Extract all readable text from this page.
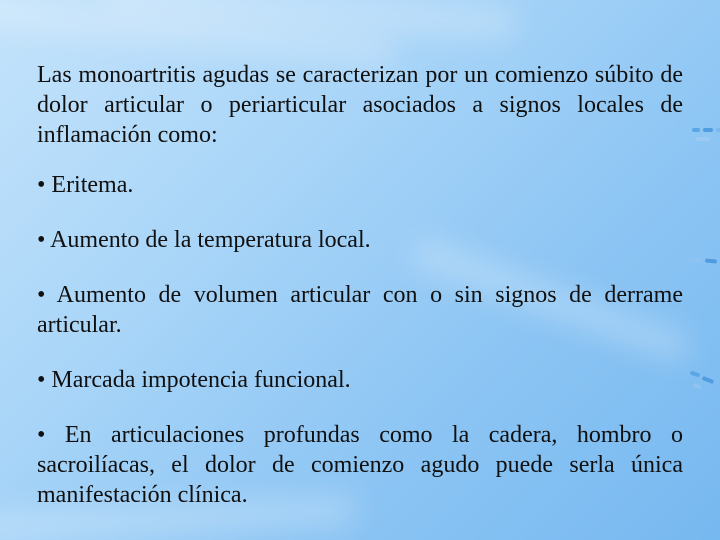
Las monoartritis agudas se caracterizan por un comienzo súbito de dolor articular o periarticular asociados a signos locales de inflamación como:

• Eritema.

• Aumento de la temperatura local.

• Aumento de volumen articular con o sin signos de derrame articular.

• Marcada impotencia funcional.

• En articulaciones profundas como la cadera, hombro o sacroilíacas, el dolor de comienzo agudo puede serla única manifestación clínica.
